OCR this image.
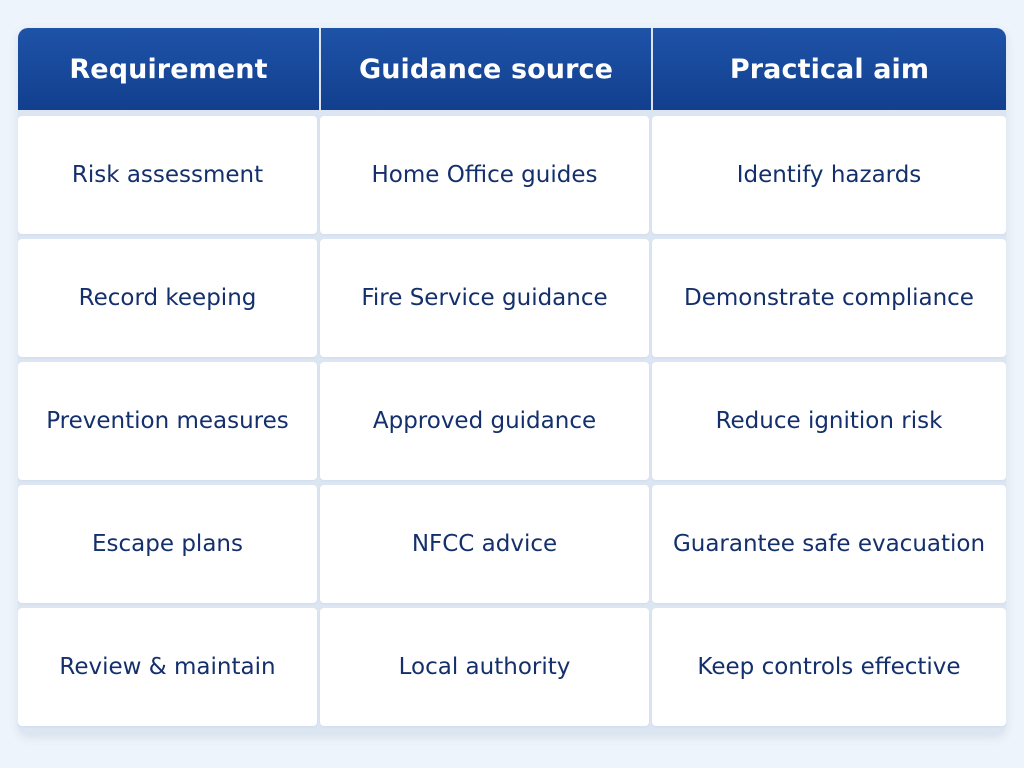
Requirement	Guidance source	Practical aim
Risk assessment	Home Office guides	Identify hazards
Record keeping	Fire Service guidance	Demonstrate compliance
Prevention measures	Approved guidance	Reduce ignition risk
Escape plans	NFCC advice	Guarantee safe evacuation
Review & maintain	Local authority	Keep controls effective
